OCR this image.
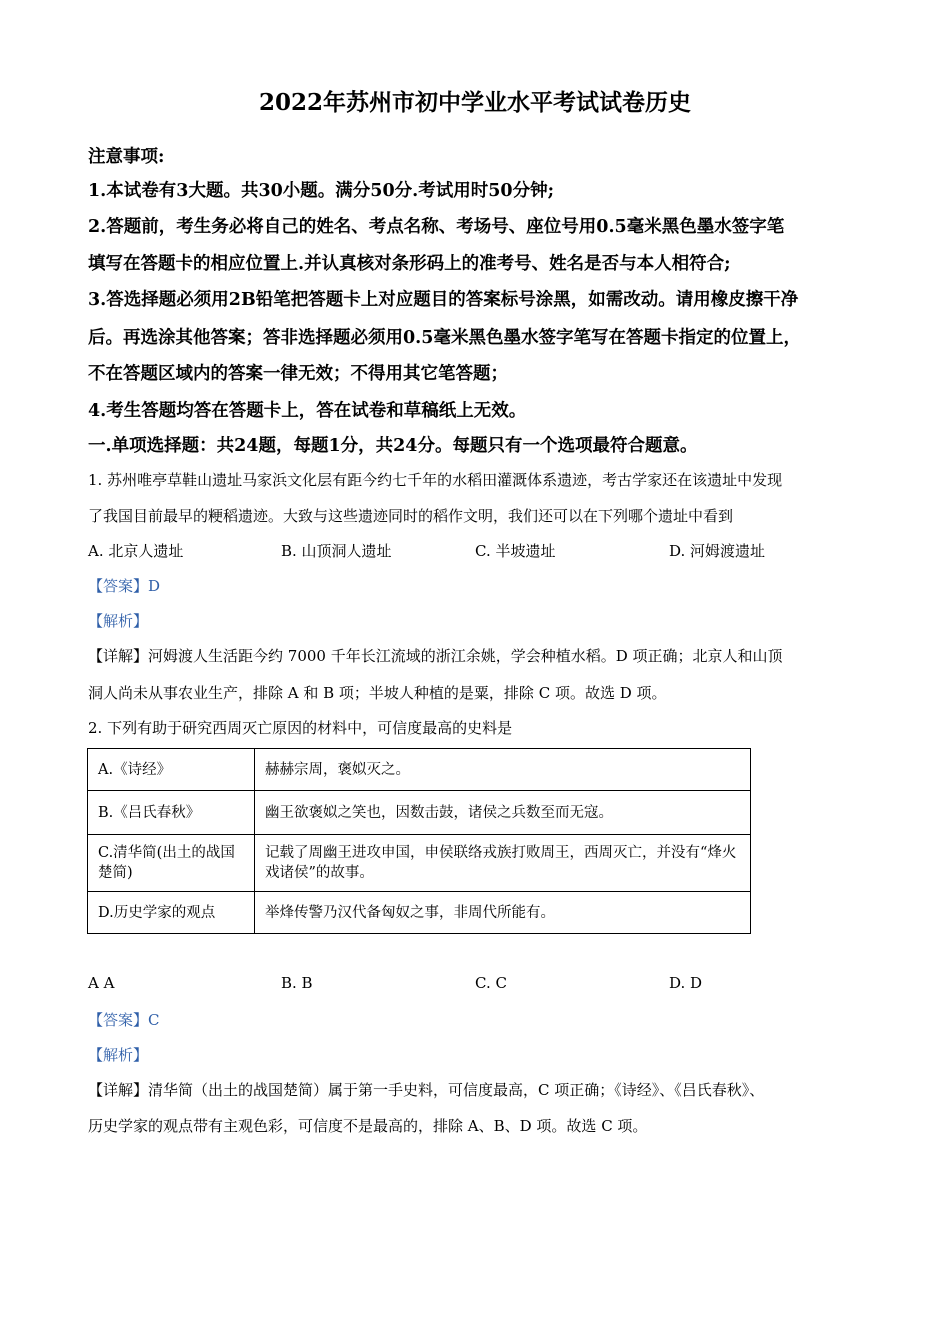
2022年苏州市初中学业水平考试试卷历史
注意事项:
1.本试卷有3大题。共30小题。满分50分.考试用时50分钟;
2.答题前，考生务必将自己的姓名、考点名称、考场号、座位号用0.5毫米黑色墨水签字笔
填写在答题卡的相应位置上.并认真核对条形码上的准考号、姓名是否与本人相符合;
3.答选择题必须用2B铅笔把答题卡上对应题目的答案标号涂黑，如需改动。请用橡皮擦干净
后。再选涂其他答案；答非选择题必须用0.5毫米黑色墨水签字笔写在答题卡指定的位置上，
不在答题区域内的答案一律无效；不得用其它笔答题；
4.考生答题均答在答题卡上，答在试卷和草稿纸上无效。
一.单项选择题：共24题，每题1分，共24分。每题只有一个选项最符合题意。
1. 苏州唯亭草鞋山遗址马家浜文化层有距今约七千年的水稻田灌溉体系遗迹，考古学家还在该遗址中发现
了我国目前最早的粳稻遗迹。大致与这些遗迹同时的稻作文明，我们还可以在下列哪个遗址中看到
A. 北京人遗址	B. 山顶洞人遗址	C. 半坡遗址	D. 河姆渡遗址
【答案】D
【解析】
【详解】河姆渡人生活距今约 7000 千年长江流域的浙江余姚，学会种植水稻。D 项正确；北京人和山顶
洞人尚未从事农业生产，排除 A 和 B 项；半坡人种植的是粟，排除 C 项。故选 D 项。
2. 下列有助于研究西周灭亡原因的材料中，可信度最高的史料是
A.《诗经》	赫赫宗周，褒姒灭之。
B.《吕氏春秋》	幽王欲褒姒之笑也，因数击鼓，诸侯之兵数至而无寇。
C.清华简(出土的战国楚简)	记载了周幽王进攻申国，申侯联络戎族打败周王，西周灭亡，并没有“烽火戏诸侯”的故事。
D.历史学家的观点	举烽传警乃汉代备匈奴之事，非周代所能有。
A A	B. B	C. C	D. D
【答案】C
【解析】
【详解】清华简（出土的战国楚简）属于第一手史料，可信度最高，C 项正确；《诗经》、《吕氏春秋》、
历史学家的观点带有主观色彩，可信度不是最高的，排除 A、B、D 项。故选 C 项。
